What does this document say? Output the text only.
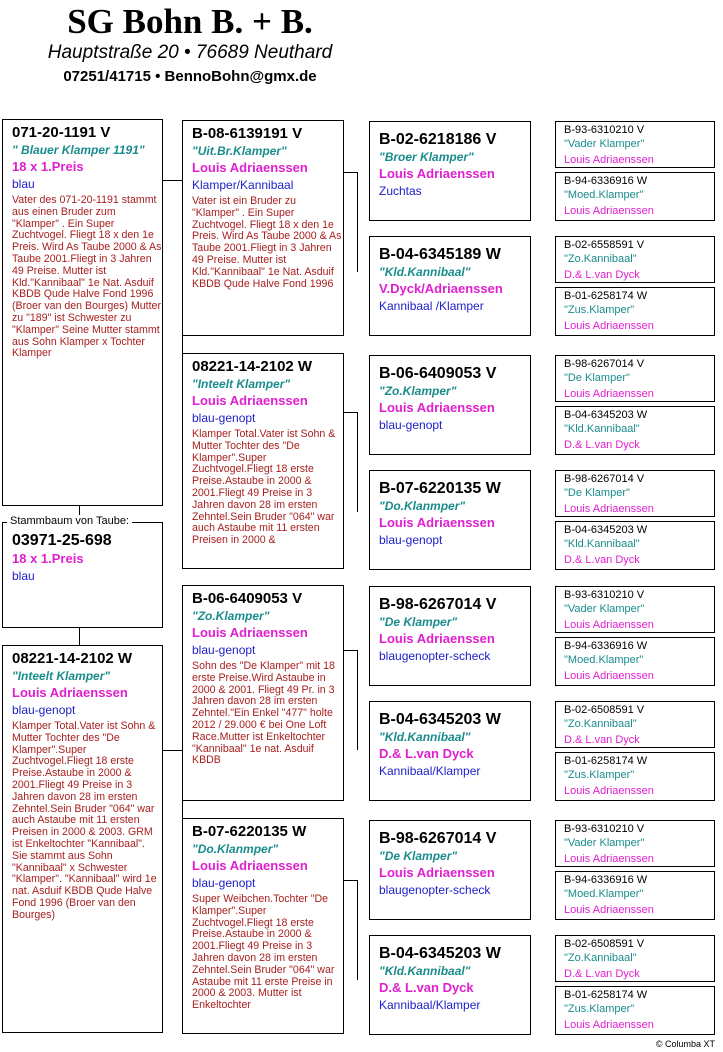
SG Bohn B. + B.
Hauptstraße 20 • 76689 Neuthard
07251/41715 • BennoBohn@gmx.de
071-20-1191 V
" Blauer Klamper 1191"
18 x 1.Preis
blau
Vater des 071-20-1191 stammt aus einen Bruder zum "Klamper" . Ein Super Zuchtvogel. Fliegt 18 x den 1e Preis. Wird As Taube 2000 & As Taube 2001.Fliegt in 3 Jahren 49 Preise. Mutter ist Kld."Kannibaal" 1e Nat. Asduif KBDB Qude Halve Fond 1996 (Broer van den Bourges) Mutter zu "189" ist Schwester zu "Klamper" Seine Mutter stammt aus Sohn Klamper x Tochter Klamper
03971-25-698
18 x 1.Preis
blau
Stammbaum von Taube:
08221-14-2102 W
"Inteelt Klamper"
Louis Adriaenssen
blau-genopt
Klamper Total.Vater ist Sohn & Mutter Tochter des "De Klamper".Super Zuchtvogel.Fliegt 18 erste Preise.Astaube in 2000 & 2001.Fliegt 49 Preise in 3 Jahren davon 28 im ersten Zehntel.Sein Bruder "064" war auch Astaube mit 11 ersten Preisen in 2000 & 2003. GRM ist Enkeltochter "Kannibaal". Sie stammt aus Sohn "Kannibaal" x Schwester "Klamper". "Kannibaal" wird 1e nat. Asduif KBDB Qude Halve Fond 1996 (Broer van den Bourges)
B-08-6139191 V
"Uit.Br.Klamper"
Louis Adriaenssen
Klamper/Kannibaal
Vater ist ein Bruder zu "Klamper" . Ein Super Zuchtvogel. Fliegt 18 x den 1e Preis. Wird As Taube 2000 & As Taube 2001.Fliegt in 3 Jahren 49 Preise. Mutter ist Kld."Kannibaal" 1e Nat. Asduif KBDB Qude Halve Fond 1996
08221-14-2102 W
"Inteelt Klamper"
Louis Adriaenssen
blau-genopt
Klamper Total.Vater ist Sohn & Mutter Tochter des "De Klamper".Super Zuchtvogel.Fliegt 18 erste Preise.Astaube in 2000 & 2001.Fliegt 49 Preise in 3 Jahren davon 28 im ersten Zehntel.Sein Bruder "064" war auch Astaube mit 11 ersten Preisen in 2000 &
B-06-6409053 V
"Zo.Klamper"
Louis Adriaenssen
blau-genopt
Sohn des "De Klamper" mit 18 erste Preise.Wird Astaube in 2000 & 2001. Fliegt 49 Pr. in 3 Jahren davon 28 im ersten Zehntel."Ein Enkel "477" holte 2012 / 29.000 € bei One Loft Race.Mutter ist Enkeltochter "Kannibaal" 1e nat. Asduif KBDB
B-07-6220135 W
"Do.Klanmper"
Louis Adriaenssen
blau-genopt
Super Weibchen.Tochter "De Klamper".Super Zuchtvogel.Fliegt 18 erste Preise.Astaube in 2000 & 2001.Fliegt 49 Preise in 3 Jahren davon 28 im ersten Zehntel.Sein Bruder "064" war Astaube mit 11 erste Preise in 2000 & 2003. Mutter ist Enkeltochter
B-02-6218186 V
"Broer Klamper"
Louis Adriaenssen
Zuchtas
B-04-6345189 W
"Kld.Kannibaal"
V.Dyck/Adriaenssen
Kannibaal /Klamper
B-06-6409053 V
"Zo.Klamper"
Louis Adriaenssen
blau-genopt
B-07-6220135 W
"Do.Klanmper"
Louis Adriaenssen
blau-genopt
B-98-6267014 V
"De Klamper"
Louis Adriaenssen
blaugenopter-scheck
B-04-6345203 W
"Kld.Kannibaal"
D.& L.van Dyck
Kannibaal/Klamper
B-98-6267014 V
"De Klamper"
Louis Adriaenssen
blaugenopter-scheck
B-04-6345203 W
"Kld.Kannibaal"
D.& L.van Dyck
Kannibaal/Klamper
B-93-6310210 V
"Vader Klamper"
Louis Adriaenssen
B-94-6336916 W
"Moed.Klamper"
Louis Adriaenssen
B-02-6558591 V
"Zo.Kannibaal"
D.& L.van Dyck
B-01-6258174 W
"Zus.Klamper"
Louis Adriaenssen
B-98-6267014 V
"De Klamper"
Louis Adriaenssen
B-04-6345203 W
"Kld.Kannibaal"
D.& L.van Dyck
B-98-6267014 V
"De Klamper"
Louis Adriaenssen
B-04-6345203 W
"Kld.Kannibaal"
D.& L.van Dyck
B-93-6310210 V
"Vader Klamper"
Louis Adriaenssen
B-94-6336916 W
"Moed.Klamper"
Louis Adriaenssen
B-02-6508591 V
"Zo.Kannibaal"
D.& L.van Dyck
B-01-6258174 W
"Zus.Klamper"
Louis Adriaenssen
B-93-6310210 V
"Vader Klamper"
Louis Adriaenssen
B-94-6336916 W
"Moed.Klamper"
Louis Adriaenssen
B-02-6508591 V
"Zo.Kannibaal"
D.& L.van Dyck
B-01-6258174 W
"Zus.Klamper"
Louis Adriaenssen
© Columba XT
